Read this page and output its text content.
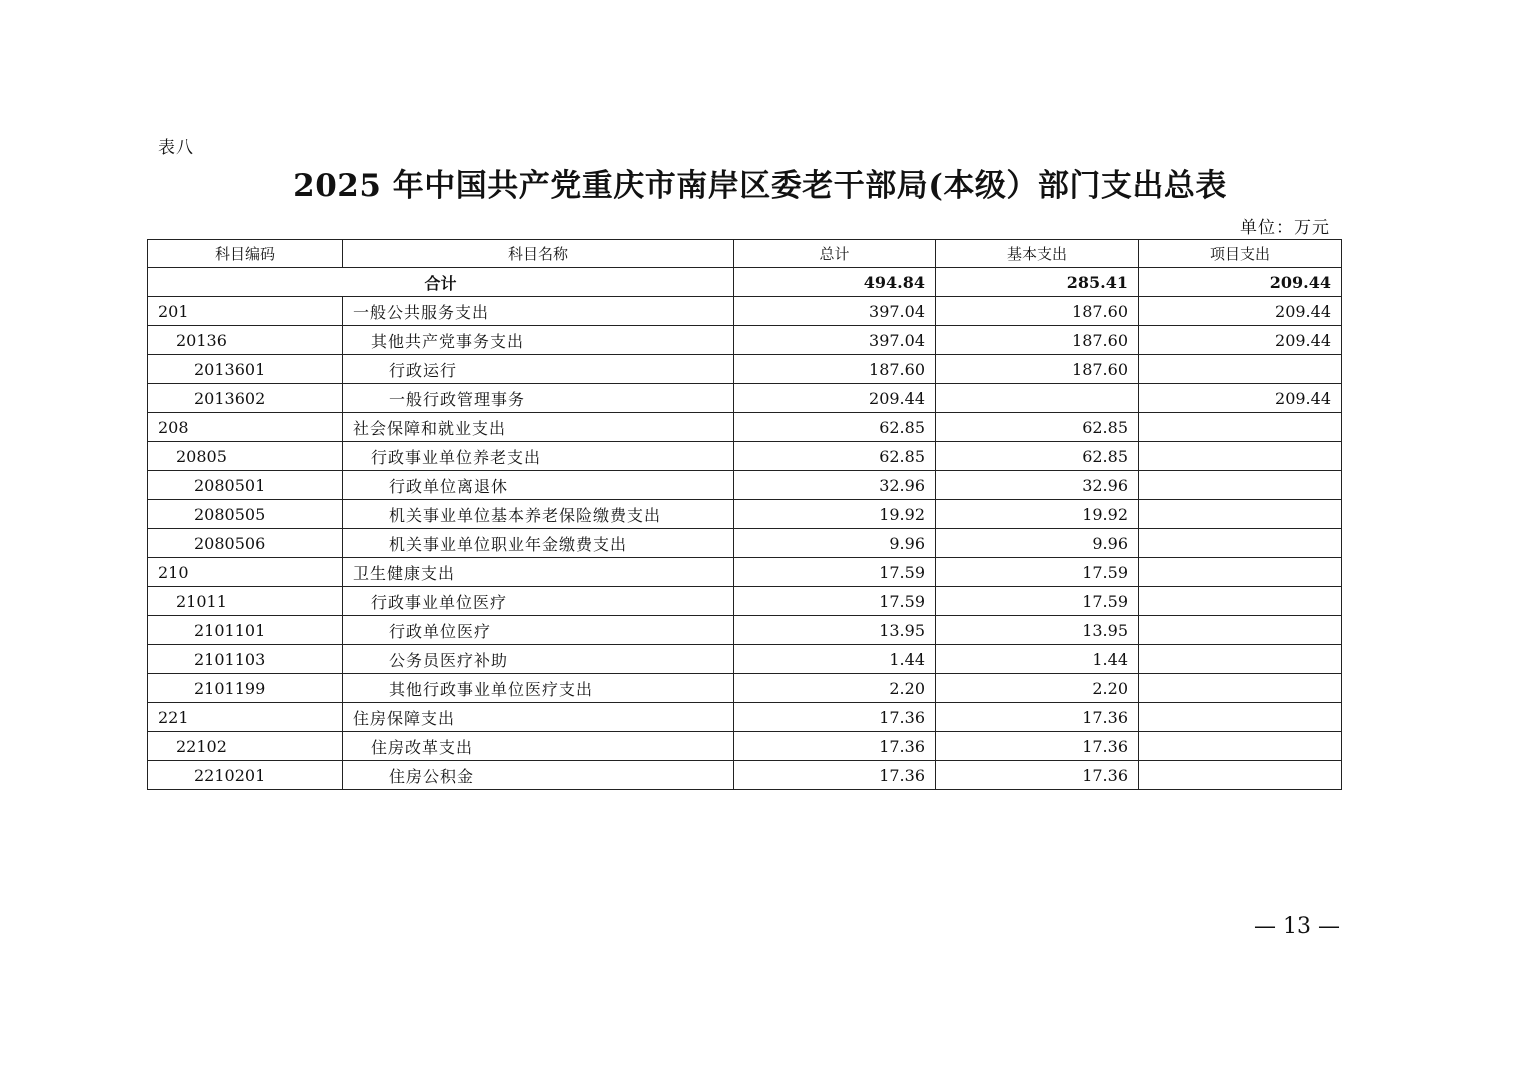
表八
2025 年中国共产党重庆市南岸区委老干部局(本级）部门支出总表
单位：万元
科目编码	科目名称	总计	基本支出	项目支出
合计		494.84	285.41	209.44
201	一般公共服务支出	397.04	187.60	209.44
20136	其他共产党事务支出	397.04	187.60	209.44
2013601	行政运行	187.60	187.60	
2013602	一般行政管理事务	209.44		209.44
208	社会保障和就业支出	62.85	62.85	
20805	行政事业单位养老支出	62.85	62.85	
2080501	行政单位离退休	32.96	32.96	
2080505	机关事业单位基本养老保险缴费支出	19.92	19.92	
2080506	机关事业单位职业年金缴费支出	9.96	9.96	
210	卫生健康支出	17.59	17.59	
21011	行政事业单位医疗	17.59	17.59	
2101101	行政单位医疗	13.95	13.95	
2101103	公务员医疗补助	1.44	1.44	
2101199	其他行政事业单位医疗支出	2.20	2.20	
221	住房保障支出	17.36	17.36	
22102	住房改革支出	17.36	17.36	
2210201	住房公积金	17.36	17.36	
— 13 —
